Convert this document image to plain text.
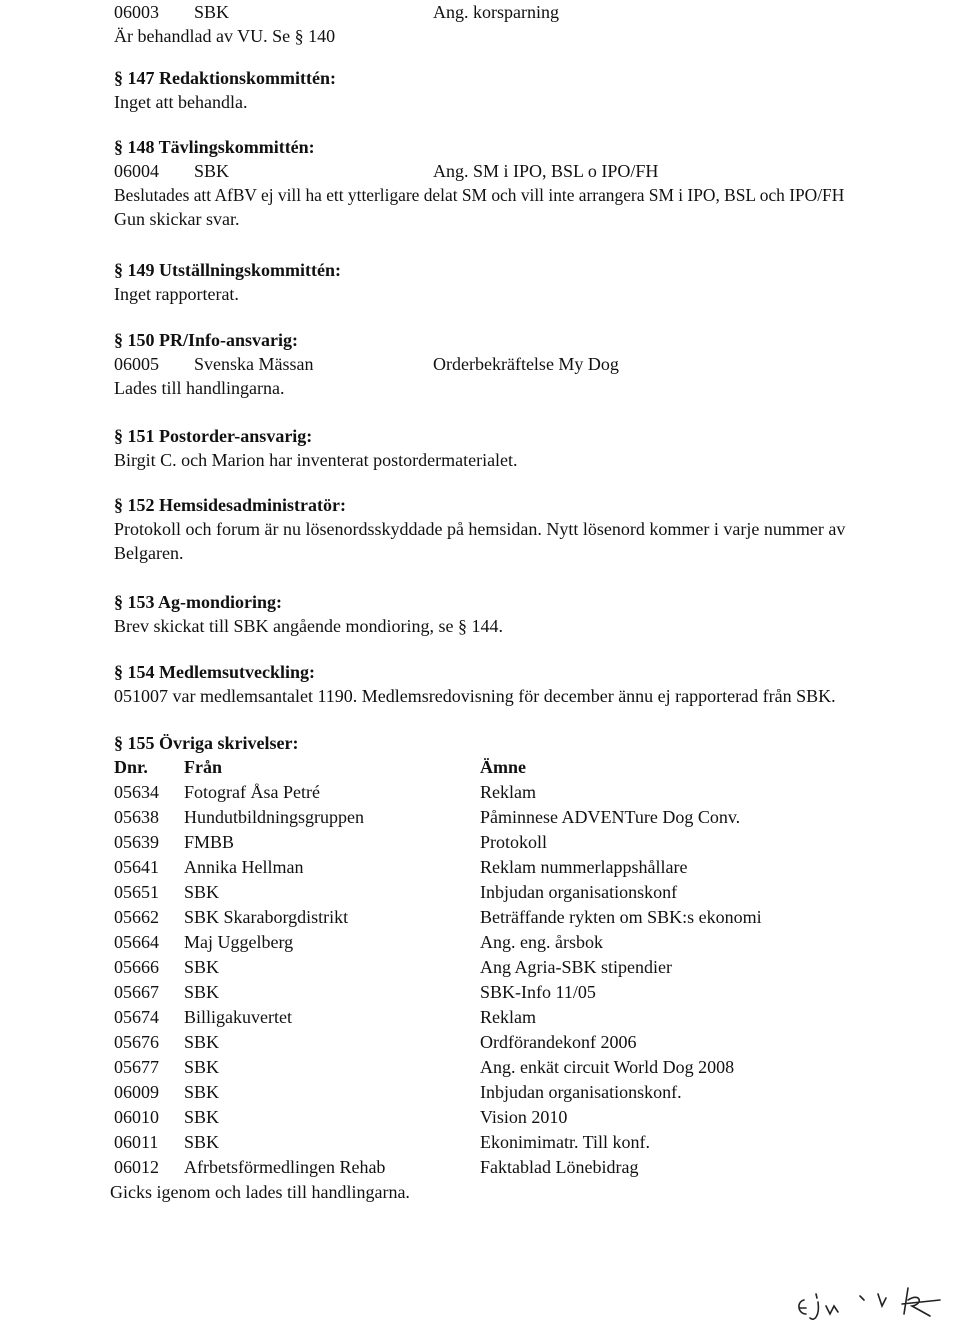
06003 SBK	Ang. korsparning
Är behandlad av VU. Se § 140
§ 147 Redaktionskommittén:
Inget att behandla.
§ 148 Tävlingskommittén:
06004 SBK	Ang. SM i IPO, BSL o IPO/FH
Beslutades att AfBV ej vill ha ett ytterligare delat SM och vill inte arrangera SM i IPO, BSL och IPO/FH
Gun skickar svar.
§ 149 Utställningskommittén:
Inget rapporterat.
§ 150 PR/Info-ansvarig:
06005 Svenska Mässan	Orderbekräftelse My Dog
Lades till handlingarna.
§ 151 Postorder-ansvarig:
Birgit C. och Marion har inventerat postordermaterialet.
§ 152 Hemsidesadministratör:
Protokoll och forum är nu lösenordsskyddade på hemsidan. Nytt lösenord kommer i varje nummer av
Belgaren.
§ 153 Ag-mondioring:
Brev skickat till SBK angående mondioring, se § 144.
§ 154 Medlemsutveckling:
051007 var medlemsantalet 1190. Medlemsredovisning för december ännu ej rapporterad från SBK.
§ 155 Övriga skrivelser:
Dnr. Från	Ämne
05634 Fotograf Åsa Petré	Reklam
05638 Hundutbildningsgruppen	Påminnese ADVENTure Dog Conv.
05639 FMBB	Protokoll
05641 Annika Hellman	Reklam nummerlappshållare
05651 SBK	Inbjudan organisationskonf
05662 SBK Skaraborgdistrikt	Beträffande rykten om SBK:s ekonomi
05664 Maj Uggelberg	Ang. eng. årsbok
05666 SBK	Ang Agria-SBK stipendier
05667 SBK	SBK-Info 11/05
05674 Billigakuvertet	Reklam
05676 SBK	Ordförandekonf 2006
05677 SBK	Ang. enkät circuit World Dog 2008
06009 SBK	Inbjudan organisationskonf.
06010 SBK	Vision 2010
06011 SBK	Ekonimimatr. Till konf.
06012 Afrbetsförmedlingen Rehab	Faktablad Lönebidrag
Gicks igenom och lades till handlingarna.
